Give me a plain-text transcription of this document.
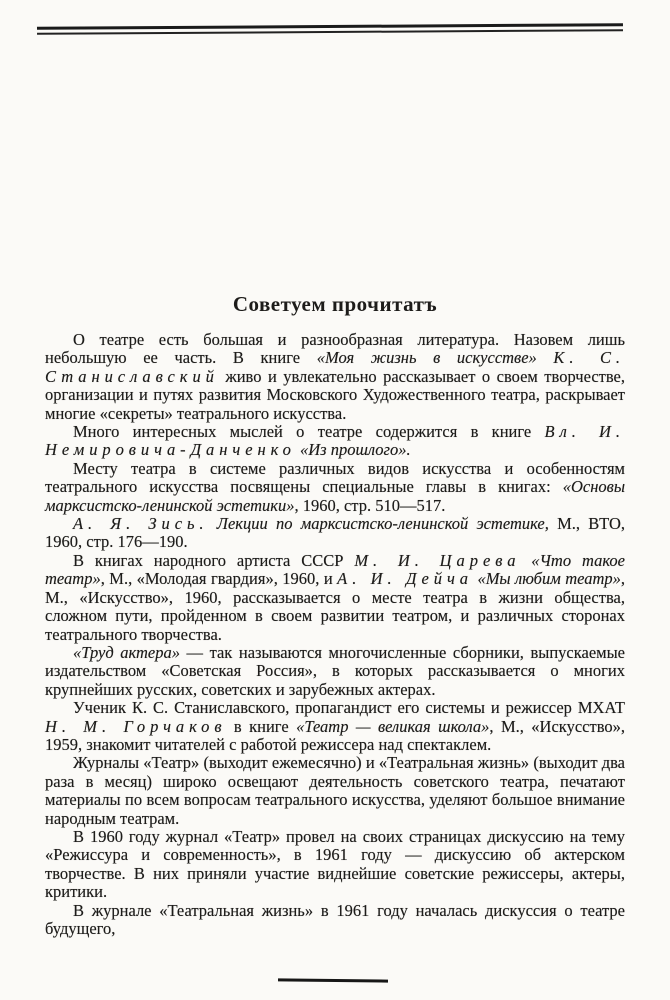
Советуем прочитатъ

О театре есть большая и разнообразная литература. Назовем лишь небольшую ее часть. В книге «Моя жизнь в искусстве» К. С. Станиславский живо и увлекательно рассказывает о своем творчестве, организации и путях развития Московского Художественного театра, раскрывает многие «секреты» театрального искусства.

Много интересных мыслей о театре содержится в книге Вл. И. Немировича-Данченко «Из прошлого».

Месту театра в системе различных видов искусства и особенностям театрального искусства посвящены специальные главы в книгах: «Основы марксистско-ленинской эстетики», 1960, стр. 510—517.

А. Я. Зись. Лекции по марксистско-ленинской эстетике, М., ВТО, 1960, стр. 176—190.

В книгах народного артиста СССР М. И. Царева «Что такое театр», М., «Молодая гвардия», 1960, и А. И. Дейча «Мы любим театр», М., «Искусство», 1960, рассказывается о месте театра в жизни общества, сложном пути, пройденном в своем развитии театром, и различных сторонах театрального творчества.

«Труд актера» — так называются многочисленные сборники, выпускаемые издательством «Советская Россия», в которых рассказывается о многих крупнейших русских, советских и зарубежных актерах.

Ученик К. С. Станиславского, пропагандист его системы и режиссер МХАТ Н. М. Горчаков в книге «Театр — великая школа», М., «Искусство», 1959, знакомит читателей с работой режиссера над спектаклем.

Журналы «Театр» (выходит ежемесячно) и «Театральная жизнь» (выходит два раза в месяц) широко освещают деятельность советского театра, печатают материалы по всем вопросам театрального искусства, уделяют большое внимание народным театрам.

В 1960 году журнал «Театр» провел на своих страницах дискуссию на тему «Режиссура и современность», в 1961 году — дискуссию об актерском творчестве. В них приняли участие виднейшие советские режиссеры, актеры, критики.

В журнале «Театральная жизнь» в 1961 году началась дискуссия о театре будущего,
